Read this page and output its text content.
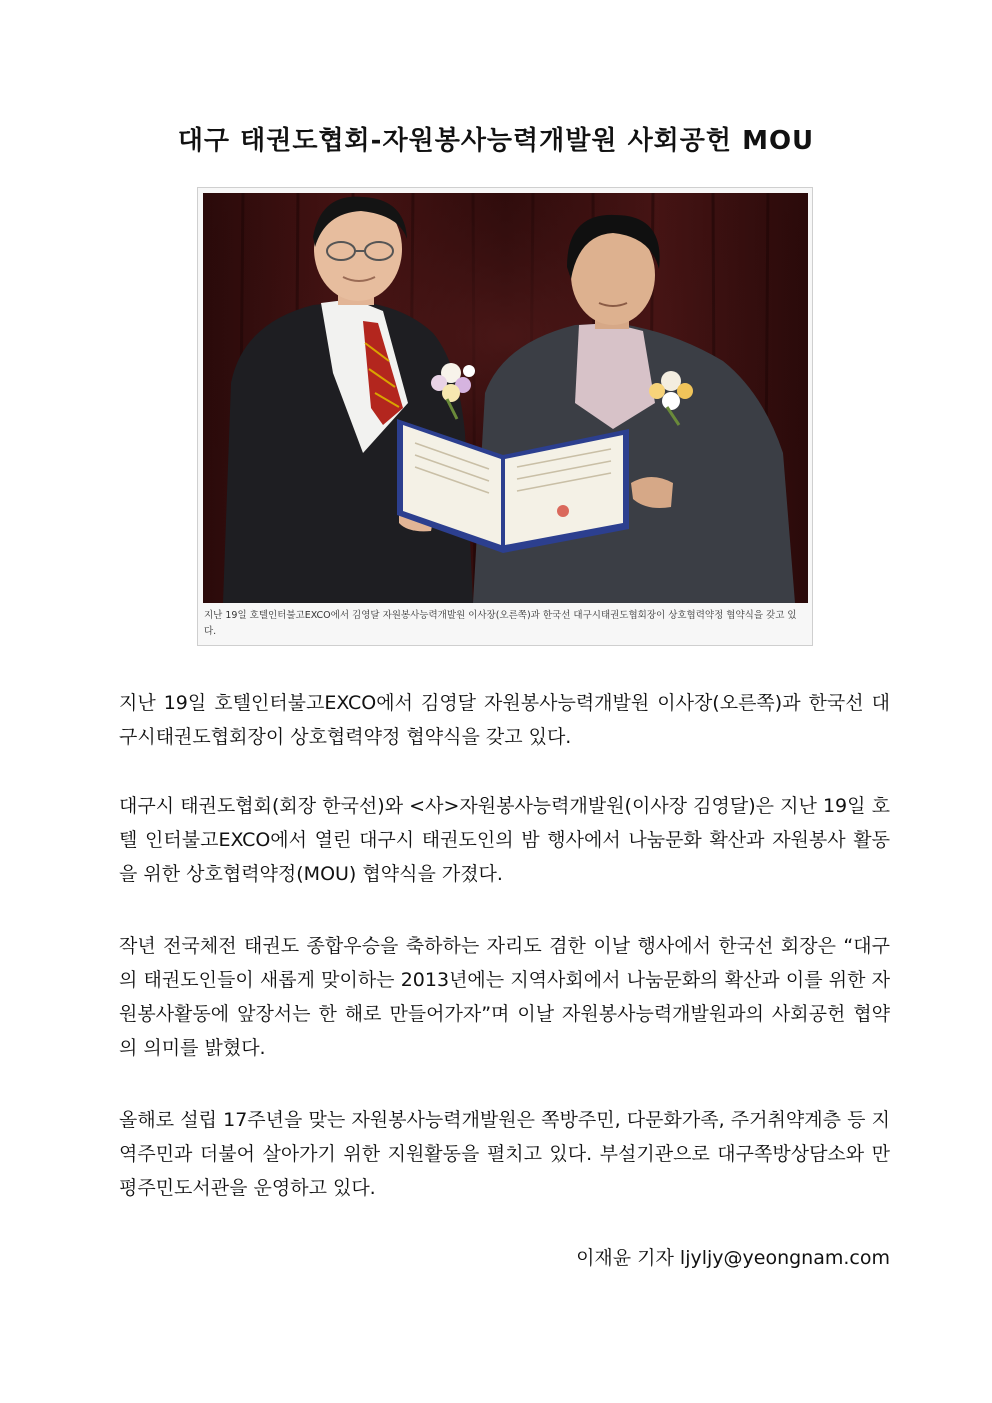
대구 태권도협회-자원봉사능력개발원 사회공헌 MOU
지난 19일 호텔인터불고EXCO에서 김영달 자원봉사능력개발원 이사장(오른쪽)과 한국선 대구시태권도협회장이 상호협력약정 협약식을 갖고 있다.

지난 19일 호텔인터불고EXCO에서 김영달 자원봉사능력개발원 이사장(오른쪽)과 한국선 대구시태권도협회장이 상호협력약정 협약식을 갖고 있다.

대구시 태권도협회(회장 한국선)와 <사>자원봉사능력개발원(이사장 김영달)은 지난 19일 호텔 인터불고EXCO에서 열린 대구시 태권도인의 밤 행사에서 나눔문화 확산과 자원봉사 활동을 위한 상호협력약정(MOU) 협약식을 가졌다.

작년 전국체전 태권도 종합우승을 축하하는 자리도 겸한 이날 행사에서 한국선 회장은 “대구의 태권도인들이 새롭게 맞이하는 2013년에는 지역사회에서 나눔문화의 확산과 이를 위한 자원봉사활동에 앞장서는 한 해로 만들어가자”며 이날 자원봉사능력개발원과의 사회공헌 협약의 의미를 밝혔다.

올해로 설립 17주년을 맞는 자원봉사능력개발원은 쪽방주민, 다문화가족, 주거취약계층 등 지역주민과 더불어 살아가기 위한 지원활동을 펼치고 있다. 부설기관으로 대구쪽방상담소와 만평주민도서관을 운영하고 있다.

이재윤 기자 ljyljy@yeongnam.com
